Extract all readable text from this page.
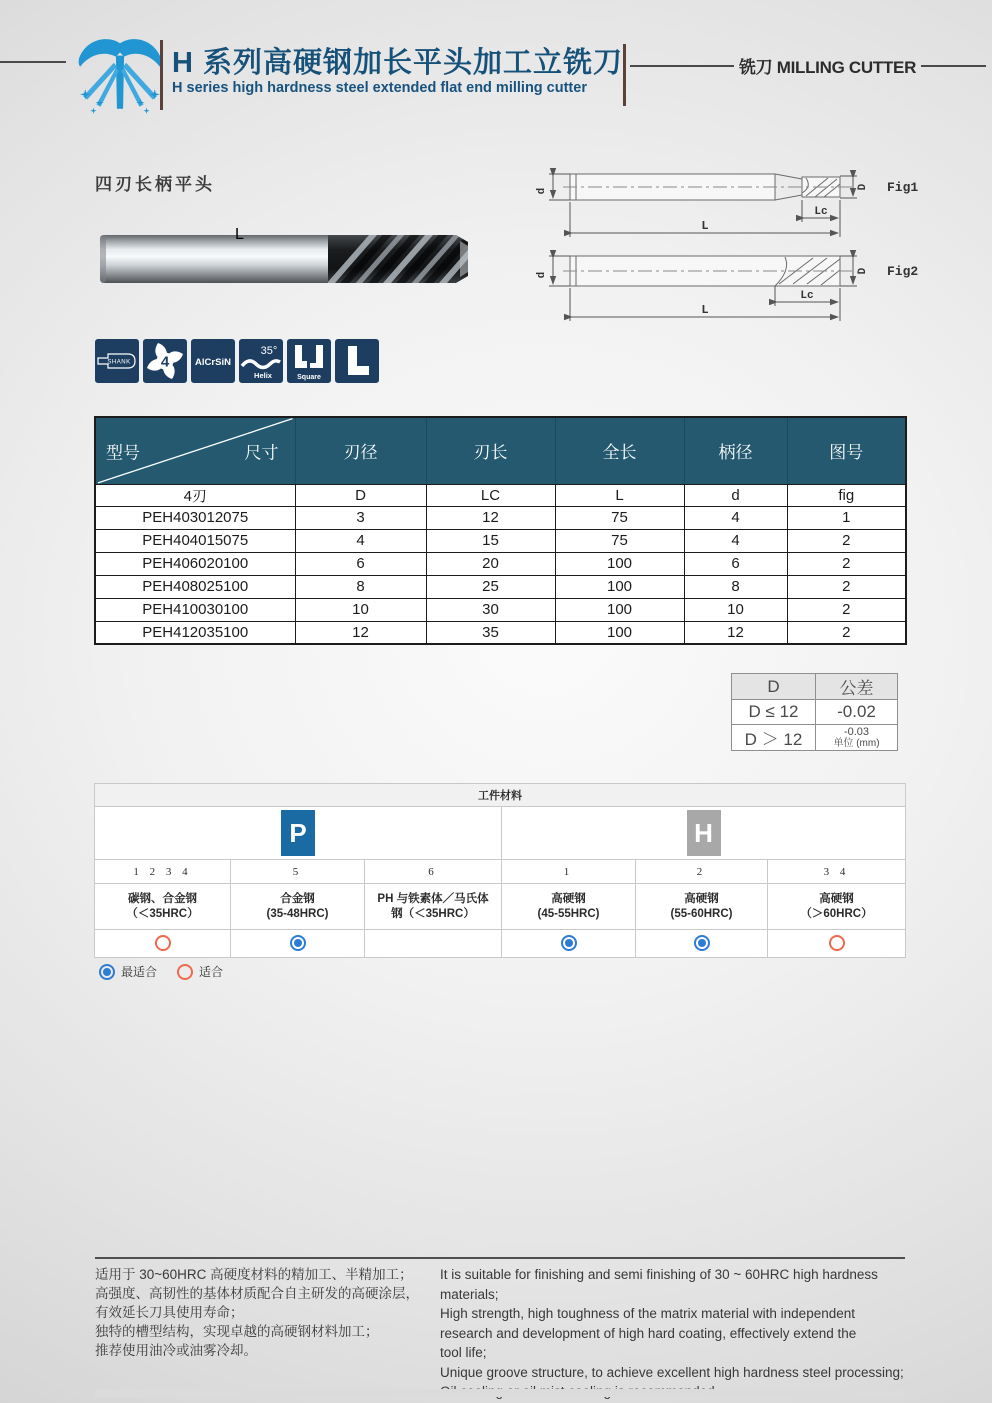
H 系列高硬钢加长平头加工立铣刀
H series high hardness steel extended flat end milling cutter
铣刀 MILLING CUTTER
四刃长柄平头	d
D
Lc
L
Fig1
d
D
Lc
L
Fig2
SHANK 4	AlCrSiN
35°
Helix	Square
L
型号 尺寸	刃径	刃长	全长	柄径	图号
4刃	D	LC	L	d	fig
PEH403012075	3	12	75	4	1
PEH404015075	4	15	75	4	2
PEH406020100	6	20	100	6	2
PEH408025100	8	25	100	8	2
PEH410030100	10	30	100	10	2
PEH412035100	12	35	100	12	2
D	公差
D ≤ 12	-0.02
D ＞ 12	-0.03
单位 (mm)
工件材料					
P			H		
1 2 3 4	5	6	1	2	3 4

碳钢、合金钢
（＜35HRC）

合金钢
(35-48HRC)

PH 与铁素体／马氏体
钢（＜35HRC）

高硬钢
(45-55HRC)

高硬钢
(55-60HRC)

高硬钢
（＞60HRC）

最适合	适合
适用于 30~60HRC 高硬度材料的精加工、半精加工；
高强度、高韧性的基体材质配合自主研发的高硬涂层，
有效延长刀具使用寿命；
独特的槽型结构，实现卓越的高硬钢材料加工；
推荐使用油冷或油雾冷却。
It is suitable for finishing and semi finishing of 30 ~ 60HRC high hardness
materials;
High strength, high toughness of the matrix material with independent
research and development of high hard coating, effectively extend the
tool life;
Unique groove structure, to achieve excellent high hardness steel processing;
